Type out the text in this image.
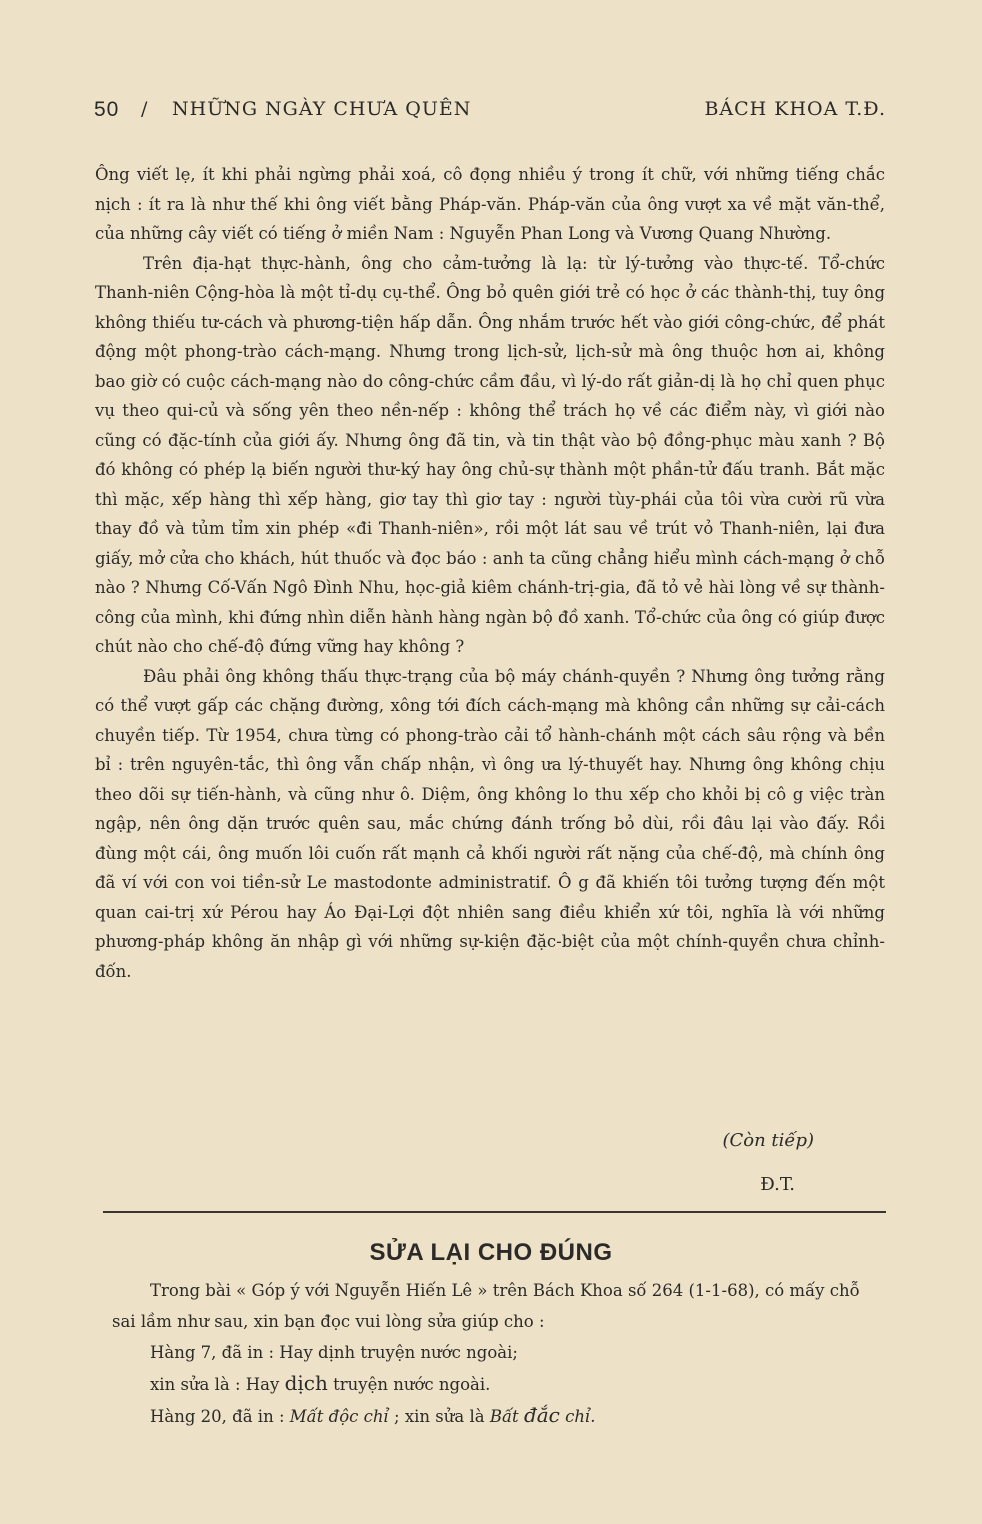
50 / NHỮNG NGÀY CHƯA QUÊN	BÁCH KHOA T.Đ.

Ông viết lẹ, ít khi phải ngừng phải xoá, cô đọng nhiều ý trong ít chữ, với những tiếng chắc nịch : ít ra là như thế khi ông viết bằng Pháp-văn. Pháp-văn của ông vượt xa về mặt văn-thể, của những cây viết có tiếng ở miền Nam : Nguyễn Phan Long và Vương Quang Nhường.

Trên địa-hạt thực-hành, ông cho cảm-tưởng là lạ: từ lý-tưởng vào thực-tế. Tổ-chức Thanh-niên Cộng-hòa là một tỉ-dụ cụ-thể. Ông bỏ quên giới trẻ có học ở các thành-thị, tuy ông không thiếu tư-cách và phương-tiện hấp dẫn. Ông nhắm trước hết vào giới công-chức, để phát động một phong-trào cách-mạng. Nhưng trong lịch-sử, lịch-sử mà ông thuộc hơn ai, không bao giờ có cuộc cách-mạng nào do công-chức cầm đầu, vì lý-do rất giản-dị là họ chỉ quen phục vụ theo qui-củ và sống yên theo nền-nếp : không thể trách họ về các điểm này, vì giới nào cũng có đặc-tính của giới ấy. Nhưng ông đã tin, và tin thật vào bộ đồng-phục màu xanh ? Bộ đó không có phép lạ biến người thư-ký hay ông chủ-sự thành một phần-tử đấu tranh. Bắt mặc thì mặc, xếp hàng thì xếp hàng, giơ tay thì giơ tay : người tùy-phái của tôi vừa cười rũ vừa thay đồ và tủm tỉm xin phép «đi Thanh-niên», rồi một lát sau về trút vỏ Thanh-niên, lại đưa giấy, mở cửa cho khách, hút thuốc và đọc báo : anh ta cũng chẳng hiểu mình cách-mạng ở chỗ nào ? Nhưng Cố-Vấn Ngô Đình Nhu, học-giả kiêm chánh-trị-gia, đã tỏ vẻ hài lòng về sự thành-công của mình, khi đứng nhìn diễn hành hàng ngàn bộ đồ xanh. Tổ-chức của ông có giúp được chút nào cho chế-độ đứng vững hay không ?

Đâu phải ông không thấu thực-trạng của bộ máy chánh-quyền ? Nhưng ông tưởng rằng có thể vượt gấp các chặng đường, xông tới đích cách-mạng mà không cần những sự cải-cách chuyền tiếp. Từ 1954, chưa từng có phong-trào cải tổ hành-chánh một cách sâu rộng và bền bỉ : trên nguyên-tắc, thì ông vẫn chấp nhận, vì ông ưa lý-thuyết hay. Nhưng ông không chịu theo dõi sự tiến-hành, và cũng như ô. Diệm, ông không lo thu xếp cho khỏi bị cô g việc tràn ngập, nên ông dặn trước quên sau, mắc chứng đánh trống bỏ dùi, rồi đâu lại vào đấy. Rồi đùng một cái, ông muốn lôi cuốn rất mạnh cả khối người rất nặng của chế-độ, mà chính ông đã ví với con voi tiền-sử Le mastodonte administratif. Ô g đã khiến tôi tưởng tượng đến một quan cai-trị xứ Pérou hay Áo Đại-Lợi đột nhiên sang điều khiển xứ tôi, nghĩa là với những phương-pháp không ăn nhập gì với những sự-kiện đặc-biệt của một chính-quyền chưa chỉnh-đốn.

(Còn tiếp)
Đ.T.
SỬA LẠI CHO ĐÚNG

Trong bài « Góp ý với Nguyễn Hiến Lê » trên Bách Khoa số 264 (1-1-68), có mấy chỗ sai lầm như sau, xin bạn đọc vui lòng sửa giúp cho :

Hàng 7, đã in : Hay dịnh truyện nước ngoài;

xin sửa là : Hay dịch truyện nước ngoài.

Hàng 20, đã in : Mất độc chỉ ; xin sửa là Bất đắc chỉ.
